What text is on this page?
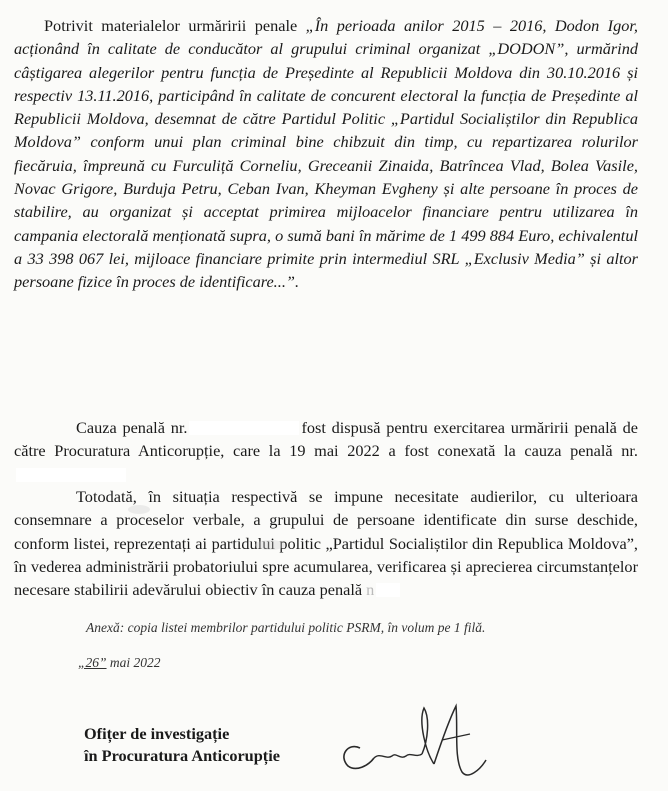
Potrivit materialelor urmăririi penale „În perioada anilor 2015 – 2016, Dodon Igor, acționând în calitate de conducător al grupului criminal organizat „DODON”, urmărind câștigarea alegerilor pentru funcția de Președinte al Republicii Moldova din 30.10.2016 și respectiv 13.11.2016, participând în calitate de concurent electoral la funcția de Președinte al Republicii Moldova, desemnat de către Partidul Politic „Partidul Socialiștilor din Republica Moldova” conform unui plan criminal bine chibzuit din timp, cu repartizarea rolurilor fiecăruia, împreună cu Furculiță Corneliu, Greceanii Zinaida, Batrîncea Vlad, Bolea Vasile, Novac Grigore, Burduja Petru, Ceban Ivan, Kheyman Evgheny și alte persoane în proces de stabilire, au organizat și acceptat primirea mijloacelor financiare pentru utilizarea în campania electorală menționată supra, o sumă bani în mărime de 1 499 884 Euro, echivalentul a 33 398 067 lei, mijloace financiare primite prin intermediul SRL „Exclusiv Media” și altor persoane fizice în proces de identificare...”.

Cauza penală nr.	fost dispusă pentru exercitarea urmăririi penală de către Procuratura Anticorupție, care la 19 mai 2022 a fost conexată la cauza penală nr.

Totodată, în situația respectivă se impune necesitate audierilor, cu ulterioara consemnare a proceselor verbale, a grupului de persoane identificate din surse deschide, conform listei, reprezentați ai partidului politic „Partidul Socialiștilor din Republica Moldova”, în vederea administrării probatoriului spre acumularea, verificarea și aprecierea circumstanțelor necesare stabilirii adevărului obiectiv în cauza penală n

Anexă: copia listei membrilor partidului politic PSRM, în volum pe 1 filă.
„26” mai 2022
Ofițer de investigație
în Procuratura Anticorupție
